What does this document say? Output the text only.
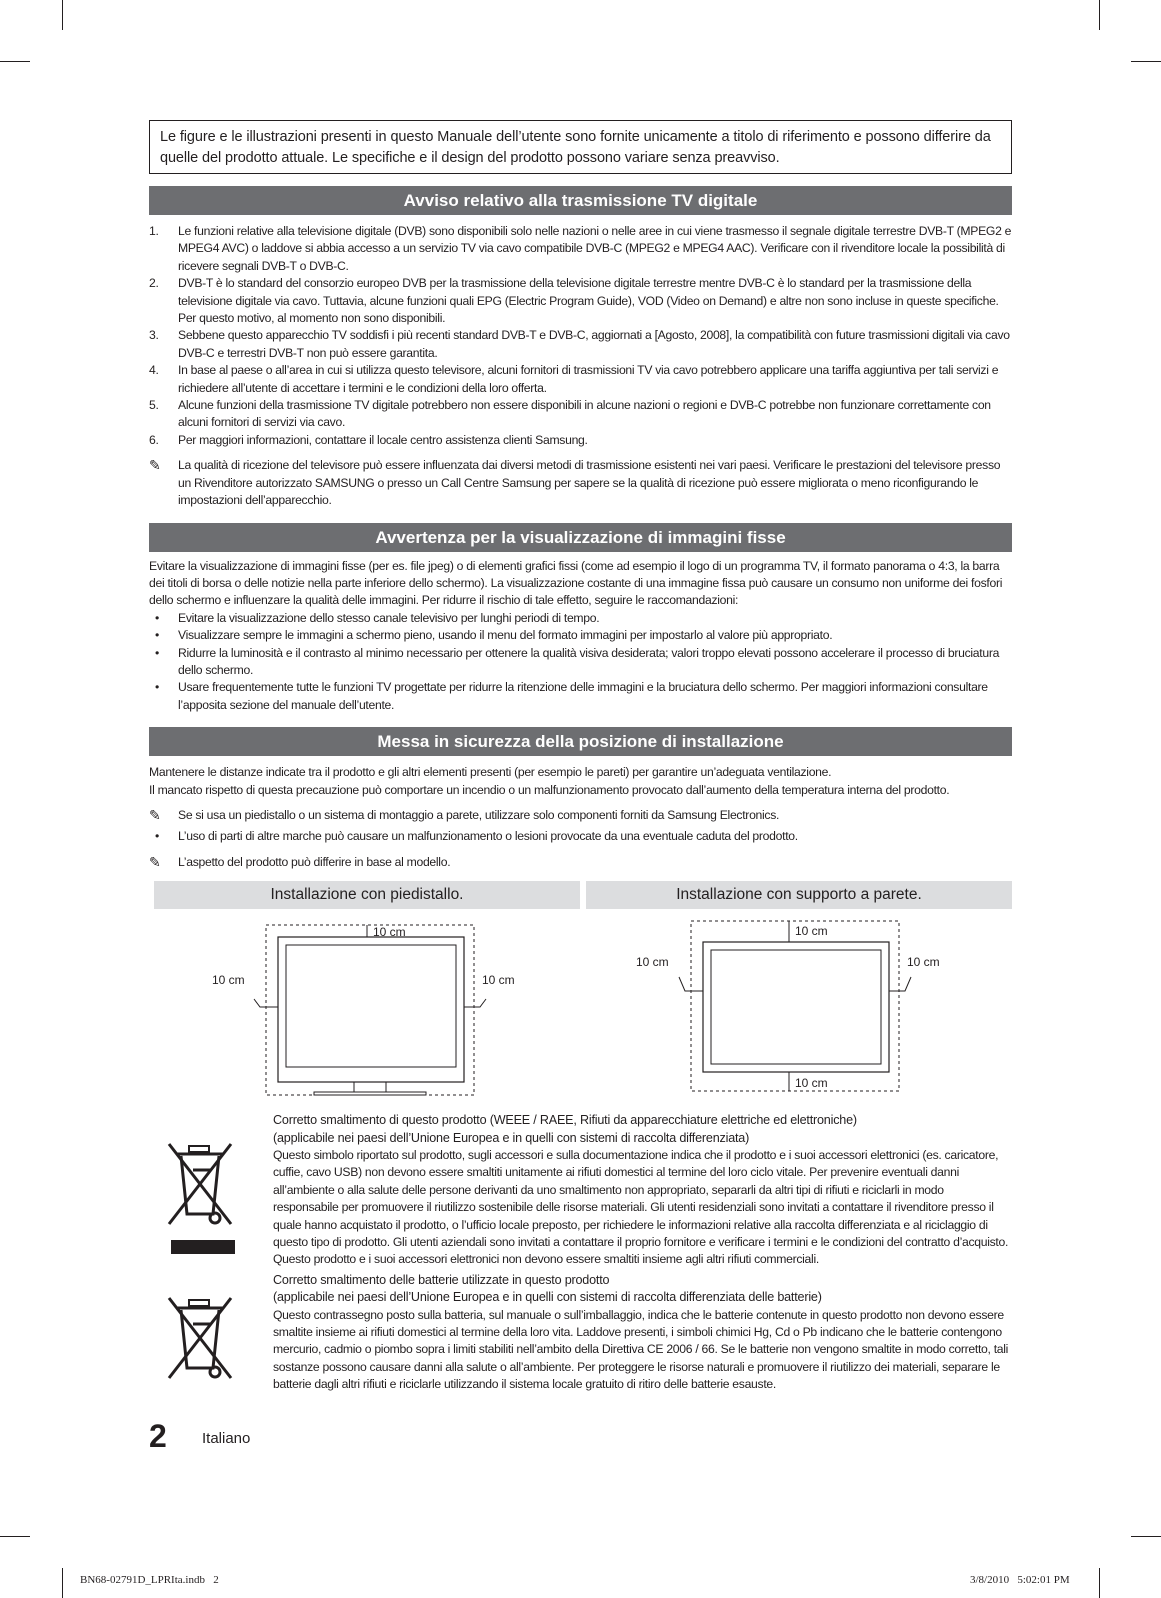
Le figure e le illustrazioni presenti in questo Manuale dell’utente sono fornite unicamente a titolo di riferimento e possono differire da quelle del prodotto attuale. Le specifiche e il design del prodotto possono variare senza preavviso.
Avviso relativo alla trasmissione TV digitale
1. Le funzioni relative alla televisione digitale (DVB) sono disponibili solo nelle nazioni o nelle aree in cui viene trasmesso il segnale digitale terrestre DVB-T (MPEG2 e MPEG4 AVC) o laddove si abbia accesso a un servizio TV via cavo compatibile DVB-C (MPEG2 e MPEG4 AAC). Verificare con il rivenditore locale la possibilità di ricevere segnali DVB-T o DVB-C.
2. DVB-T è lo standard del consorzio europeo DVB per la trasmissione della televisione digitale terrestre mentre DVB-C è lo standard per la trasmissione della televisione digitale via cavo. Tuttavia, alcune funzioni quali EPG (Electric Program Guide), VOD (Video on Demand) e altre non sono incluse in queste specifiche. Per questo motivo, al momento non sono disponibili.
3. Sebbene questo apparecchio TV soddisfi i più recenti standard DVB-T e DVB-C, aggiornati a [Agosto, 2008], la compatibilità con future trasmissioni digitali via cavo DVB-C e terrestri DVB-T non può essere garantita.
4. In base al paese o all’area in cui si utilizza questo televisore, alcuni fornitori di trasmissioni TV via cavo potrebbero applicare una tariffa aggiuntiva per tali servizi e richiedere all’utente di accettare i termini e le condizioni della loro offerta.
5. Alcune funzioni della trasmissione TV digitale potrebbero non essere disponibili in alcune nazioni o regioni e DVB-C potrebbe non funzionare correttamente con alcuni fornitori di servizi via cavo.
6. Per maggiori informazioni, contattare il locale centro assistenza clienti Samsung.
✎ La qualità di ricezione del televisore può essere influenzata dai diversi metodi di trasmissione esistenti nei vari paesi. Verificare le prestazioni del televisore presso un Rivenditore autorizzato SAMSUNG o presso un Call Centre Samsung per sapere se la qualità di ricezione può essere migliorata o meno riconfigurando le impostazioni dell’apparecchio.
Avvertenza per la visualizzazione di immagini fisse

Evitare la visualizzazione di immagini fisse (per es. file jpeg) o di elementi grafici fissi (come ad esempio il logo di un programma TV, il formato panorama o 4:3, la barra dei titoli di borsa o delle notizie nella parte inferiore dello schermo). La visualizzazione costante di una immagine fissa può causare un consumo non uniforme dei fosfori dello schermo e influenzare la qualità delle immagini. Per ridurre il rischio di tale effetto, seguire le raccomandazioni:

• Evitare la visualizzazione dello stesso canale televisivo per lunghi periodi di tempo.
• Visualizzare sempre le immagini a schermo pieno, usando il menu del formato immagini per impostarlo al valore più appropriato.
• Ridurre la luminosità e il contrasto al minimo necessario per ottenere la qualità visiva desiderata; valori troppo elevati possono accelerare il processo di bruciatura dello schermo.
• Usare frequentemente tutte le funzioni TV progettate per ridurre la ritenzione delle immagini e la bruciatura dello schermo. Per maggiori informazioni consultare l’apposita sezione del manuale dell’utente.
Messa in sicurezza della posizione di installazione

Mantenere le distanze indicate tra il prodotto e gli altri elementi presenti (per esempio le pareti) per garantire un’adeguata ventilazione.

Il mancato rispetto di questa precauzione può comportare un incendio o un malfunzionamento provocato dall’aumento della temperatura interna del prodotto.

✎ Se si usa un piedistallo o un sistema di montaggio a parete, utilizzare solo componenti forniti da Samsung Electronics.
• L’uso di parti di altre marche può causare un malfunzionamento o lesioni provocate da una eventuale caduta del prodotto.
✎ L’aspetto del prodotto può differire in base al modello.
Installazione con piedistallo.	Installazione con supporto a parete.
10 cm
10 cm	10 cm
10 cm
10 cm
10 cm	10 cm
Corretto smaltimento di questo prodotto (WEEE / RAEE, Rifiuti da apparecchiature elettriche ed elettroniche)
(applicabile nei paesi dell’Unione Europea e in quelli con sistemi di raccolta differenziata)

Questo simbolo riportato sul prodotto, sugli accessori e sulla documentazione indica che il prodotto e i suoi accessori elettronici (es. caricatore, cuffie, cavo USB) non devono essere smaltiti unitamente ai rifiuti domestici al termine del loro ciclo vitale. Per prevenire eventuali danni all’ambiente o alla salute delle persone derivanti da uno smaltimento non appropriato, separarli da altri tipi di rifiuti e riciclarli in modo responsabile per promuovere il riutilizzo sostenibile delle risorse materiali. Gli utenti residenziali sono invitati a contattare il rivenditore presso il quale hanno acquistato il prodotto, o l’ufficio locale preposto, per richiedere le informazioni relative alla raccolta differenziata e al riciclaggio di questo tipo di prodotto. Gli utenti aziendali sono invitati a contattare il proprio fornitore e verificare i termini e le condizioni del contratto d’acquisto. Questo prodotto e i suoi accessori elettronici non devono essere smaltiti insieme agli altri rifiuti commerciali.

Corretto smaltimento delle batterie utilizzate in questo prodotto
(applicabile nei paesi dell’Unione Europea e in quelli con sistemi di raccolta differenziata delle batterie)

Questo contrassegno posto sulla batteria, sul manuale o sull’imballaggio, indica che le batterie contenute in questo prodotto non devono essere smaltite insieme ai rifiuti domestici al termine della loro vita. Laddove presenti, i simboli chimici Hg, Cd o Pb indicano che le batterie contengono mercurio, cadmio o piombo sopra i limiti stabiliti nell’ambito della Direttiva CE 2006 / 66. Se le batterie non vengono smaltite in modo corretto, tali sostanze possono causare danni alla salute o all’ambiente. Per proteggere le risorse naturali e promuovere il riutilizzo dei materiali, separare le batterie dagli altri rifiuti e riciclarle utilizzando il sistema locale gratuito di ritiro delle batterie esauste.

2 Italiano
BN68-02791D_LPRIta.indb   2	3/8/2010   5:02:01 PM
